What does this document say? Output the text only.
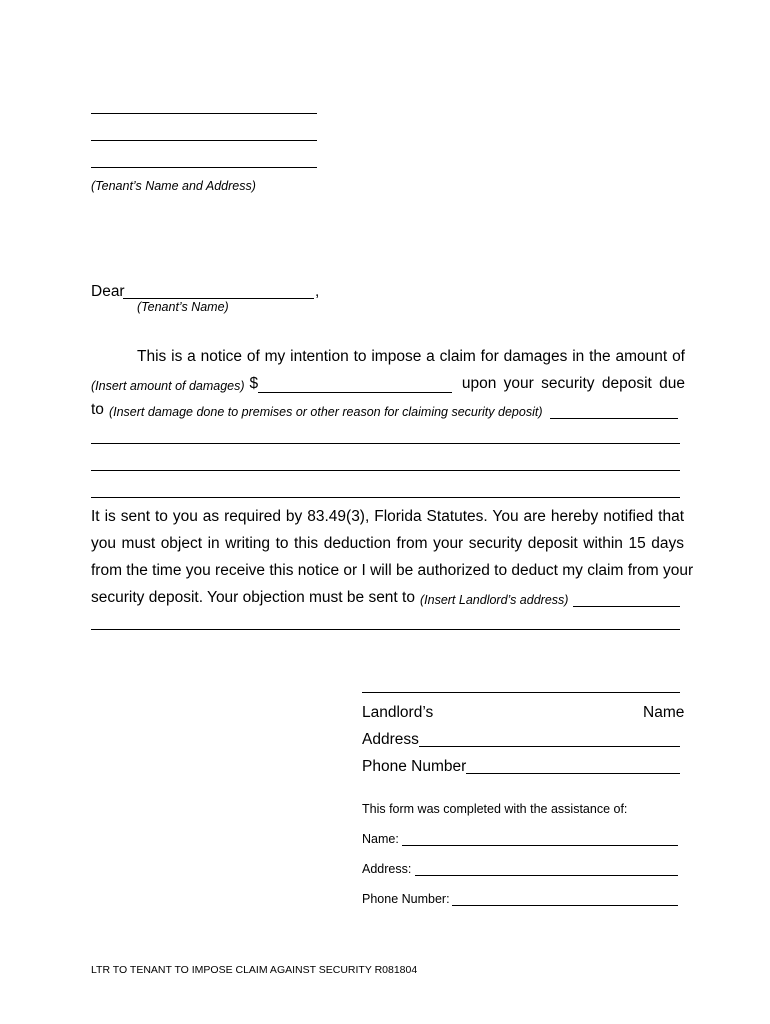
(Tenant’s Name and Address)
Dear	,
(Tenant’s Name)
This is a notice of my intention to impose a claim for damages in the amount of
(Insert amount of damages) $	upon your security deposit due
to (Insert damage done to premises or other reason for claiming security deposit)
It is sent to you as required by 83.49(3), Florida Statutes. You are hereby notified that
you must object in writing to this deduction from your security deposit within 15 days
from the time you receive this notice or I will be authorized to deduct my claim from your
security deposit. Your objection must be sent to (Insert Landlord’s address)
Landlord’s	Name
Address
Phone Number
This form was completed with the assistance of:
Name:
Address:
Phone Number:
LTR TO TENANT TO IMPOSE CLAIM AGAINST SECURITY R081804
